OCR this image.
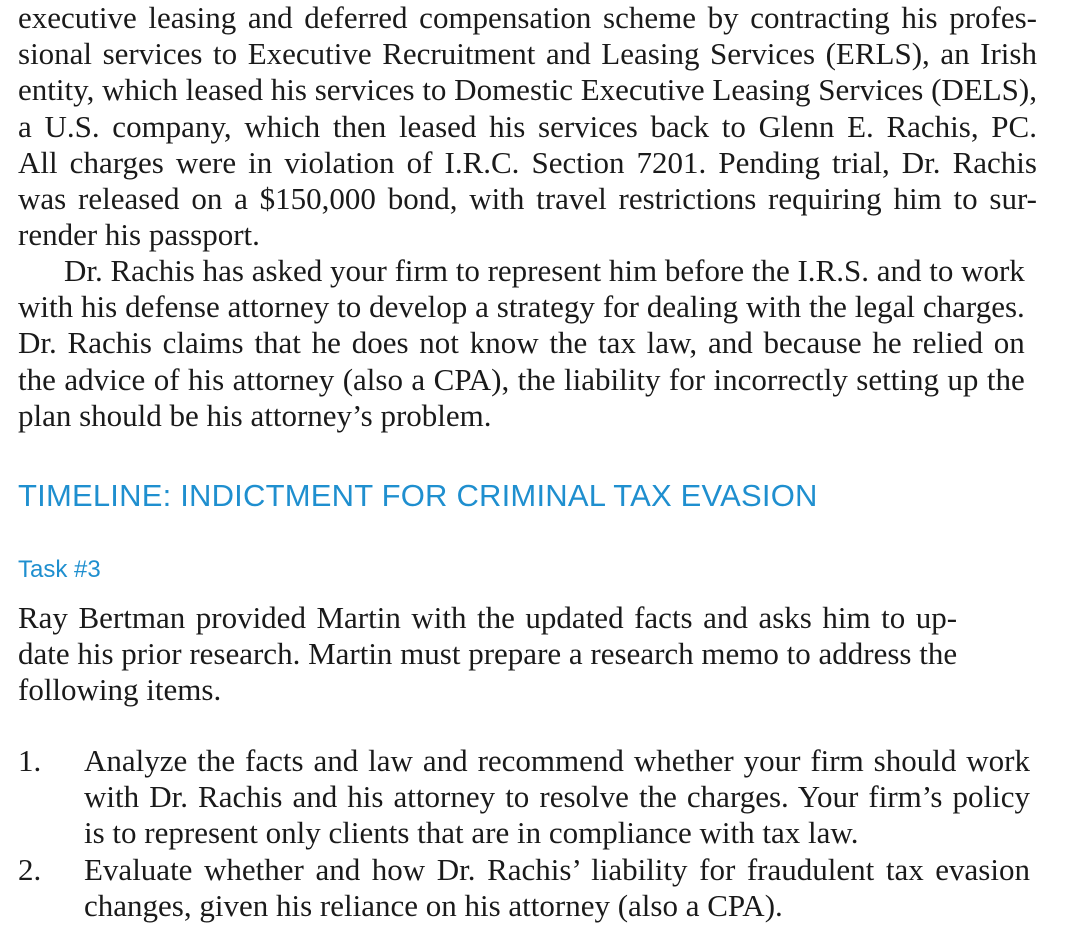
executive leasing and deferred compensation scheme by contracting his profes-
sional services to Executive Recruitment and Leasing Services (ERLS), an Irish
entity, which leased his services to Domestic Executive Leasing Services (DELS),
a U.S. company, which then leased his services back to Glenn E. Rachis, PC.
All charges were in violation of I.R.C. Section 7201. Pending trial, Dr. Rachis
was released on a $150,000 bond, with travel restrictions requiring him to sur-
render his passport.

Dr. Rachis has asked your firm to represent him before the I.R.S. and to work
with his defense attorney to develop a strategy for dealing with the legal charges.
Dr. Rachis claims that he does not know the tax law, and because he relied on
the advice of his attorney (also a CPA), the liability for incorrectly setting up the
plan should be his attorney’s problem.

TIMELINE: INDICTMENT FOR CRIMINAL TAX EVASION
Task #3

Ray Bertman provided Martin with the updated facts and asks him to up-
date his prior research. Martin must prepare a research memo to address the
following items.

1. Analyze the facts and law and recommend whether your firm should work
with Dr. Rachis and his attorney to resolve the charges. Your firm’s policy
is to represent only clients that are in compliance with tax law.
2. Evaluate whether and how Dr. Rachis’ liability for fraudulent tax evasion
changes, given his reliance on his attorney (also a CPA).
